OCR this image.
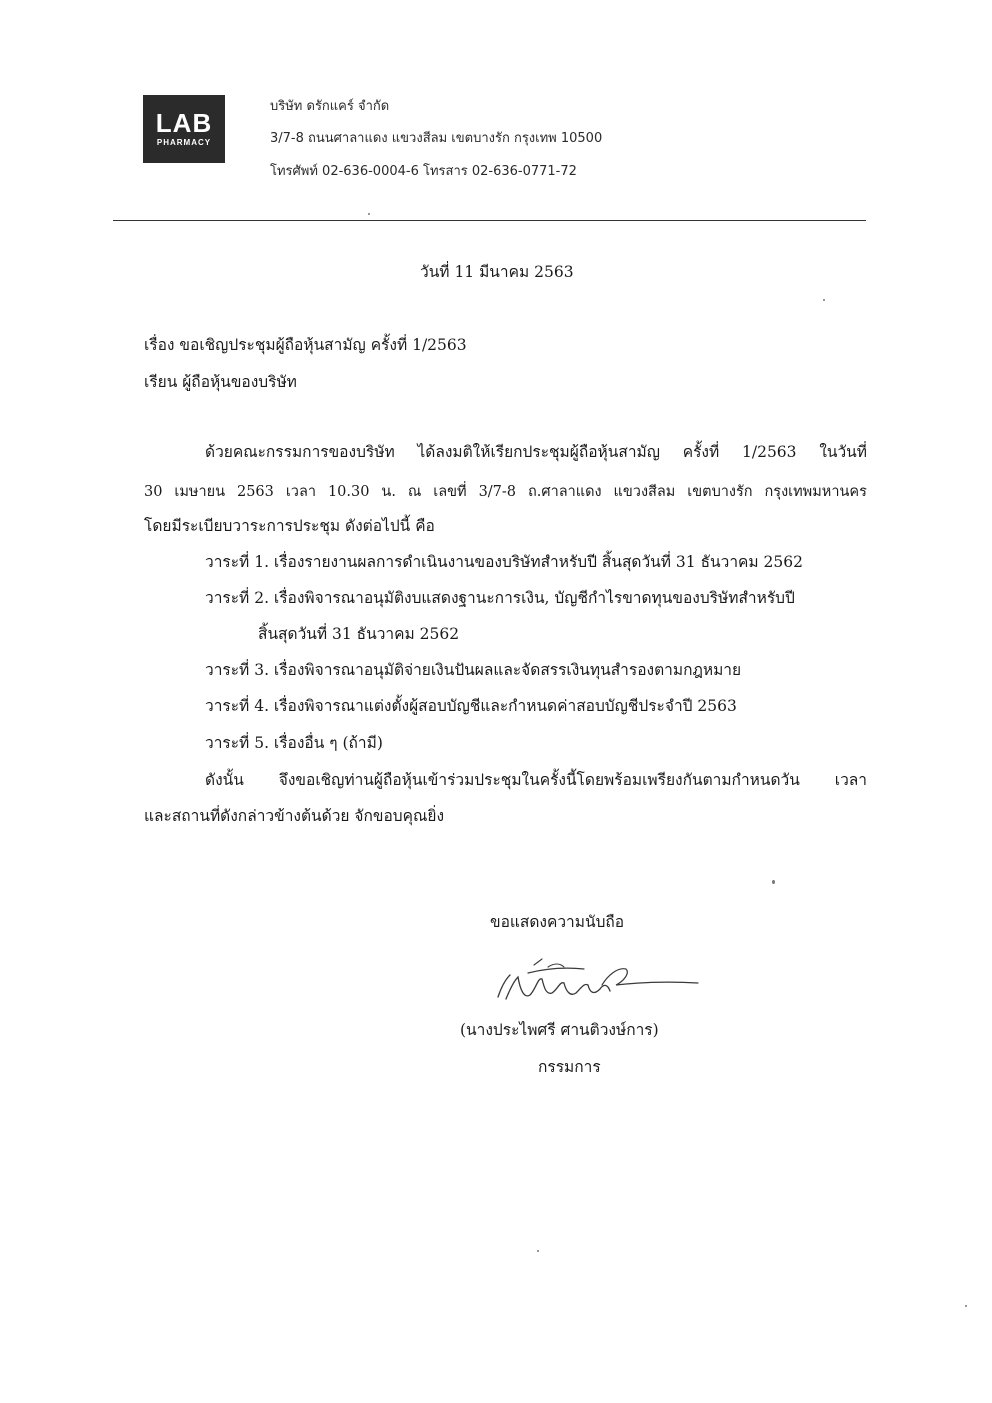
LAB
PHARMACY
บริษัท ดรักแคร์ จำกัด
3/7-8 ถนนศาลาแดง แขวงสีลม เขตบางรัก กรุงเทพ 10500
โทรศัพท์ 02-636-0004-6 โทรสาร 02-636-0771-72
วันที่ 11 มีนาคม 2563
เรื่อง ขอเชิญประชุมผู้ถือหุ้นสามัญ ครั้งที่ 1/2563
เรียน ผู้ถือหุ้นของบริษัท
ด้วยคณะกรรมการของบริษัท ได้ลงมติให้เรียกประชุมผู้ถือหุ้นสามัญ ครั้งที่ 1/2563 ในวันที่
30 เมษายน 2563 เวลา 10.30 น. ณ เลขที่ 3/7-8 ถ.ศาลาแดง แขวงสีลม เขตบางรัก กรุงเทพมหานคร
โดยมีระเบียบวาระการประชุม ดังต่อไปนี้ คือ
วาระที่ 1. เรื่องรายงานผลการดำเนินงานของบริษัทสำหรับปี สิ้นสุดวันที่ 31 ธันวาคม 2562
วาระที่ 2. เรื่องพิจารณาอนุมัติงบแสดงฐานะการเงิน, บัญชีกำไรขาดทุนของบริษัทสำหรับปี
สิ้นสุดวันที่ 31 ธันวาคม 2562
วาระที่ 3. เรื่องพิจารณาอนุมัติจ่ายเงินปันผลและจัดสรรเงินทุนสำรองตามกฎหมาย
วาระที่ 4. เรื่องพิจารณาแต่งตั้งผู้สอบบัญชีและกำหนดค่าสอบบัญชีประจำปี 2563
วาระที่ 5. เรื่องอื่น ๆ (ถ้ามี)
ดังนั้น จึงขอเชิญท่านผู้ถือหุ้นเข้าร่วมประชุมในครั้งนี้โดยพร้อมเพรียงกันตามกำหนดวัน เวลา
และสถานที่ดังกล่าวข้างต้นด้วย จักขอบคุณยิ่ง
ขอแสดงความนับถือ
(นางประไพศรี ศานติวงษ์การ)
กรรมการ
